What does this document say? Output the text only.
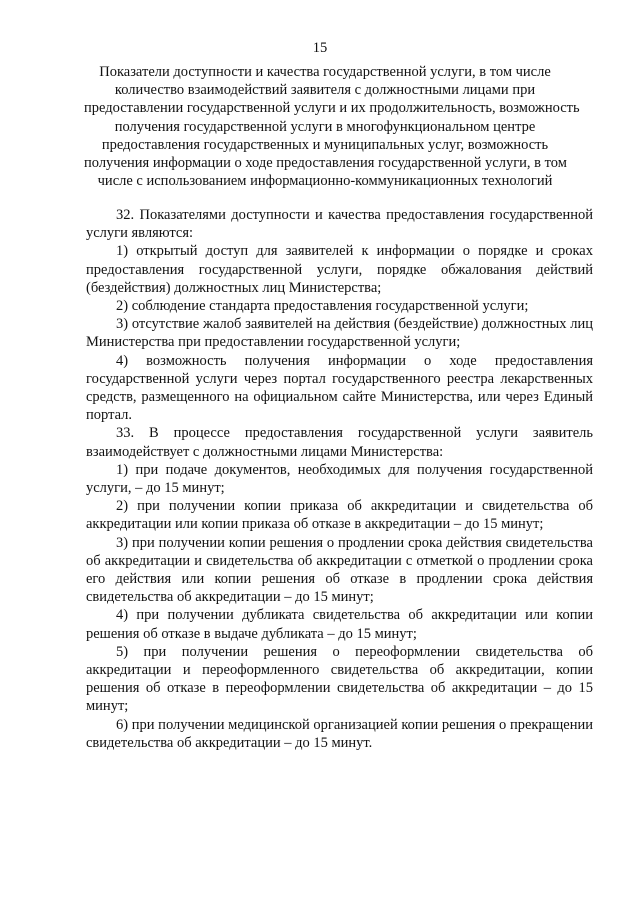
15
Показатели доступности и качества государственной услуги, в том числе
количество взаимодействий заявителя с должностными лицами при
предоставлении государственной услуги и их продолжительность, возможность
получения государственной услуги в многофункциональном центре
предоставления государственных и муниципальных услуг, возможность
получения информации о ходе предоставления государственной услуги, в том
числе с использованием информационно-коммуникационных технологий

32. Показателями доступности и качества предоставления государственной услуги являются:

1) открытый доступ для заявителей к информации о порядке и сроках предоставления государственной услуги, порядке обжалования действий (бездействия) должностных лиц Министерства;

2) соблюдение стандарта предоставления государственной услуги;

3) отсутствие жалоб заявителей на действия (бездействие) должностных лиц Министерства при предоставлении государственной услуги;

4) возможность получения информации о ходе предоставления государственной услуги через портал государственного реестра лекарственных средств, размещенного на официальном сайте Министерства, или через Единый портал.

33. В процессе предоставления государственной услуги заявитель взаимодействует с должностными лицами Министерства:

1) при подаче документов, необходимых для получения государственной услуги, – до 15 минут;

2) при получении копии приказа об аккредитации и свидетельства об аккредитации или копии приказа об отказе в аккредитации – до 15 минут;

3) при получении копии решения о продлении срока действия свидетельства об аккредитации и свидетельства об аккредитации с отметкой о продлении срока его действия или копии решения об отказе в продлении срока действия свидетельства об аккредитации – до 15 минут;

4) при получении дубликата свидетельства об аккредитации или копии решения об отказе в выдаче дубликата – до 15 минут;

5) при получении решения о переоформлении свидетельства об аккредитации и переоформленного свидетельства об аккредитации, копии решения об отказе в переоформлении свидетельства об аккредитации – до 15 минут;

6) при получении медицинской организацией копии решения о прекращении свидетельства об аккредитации – до 15 минут.
